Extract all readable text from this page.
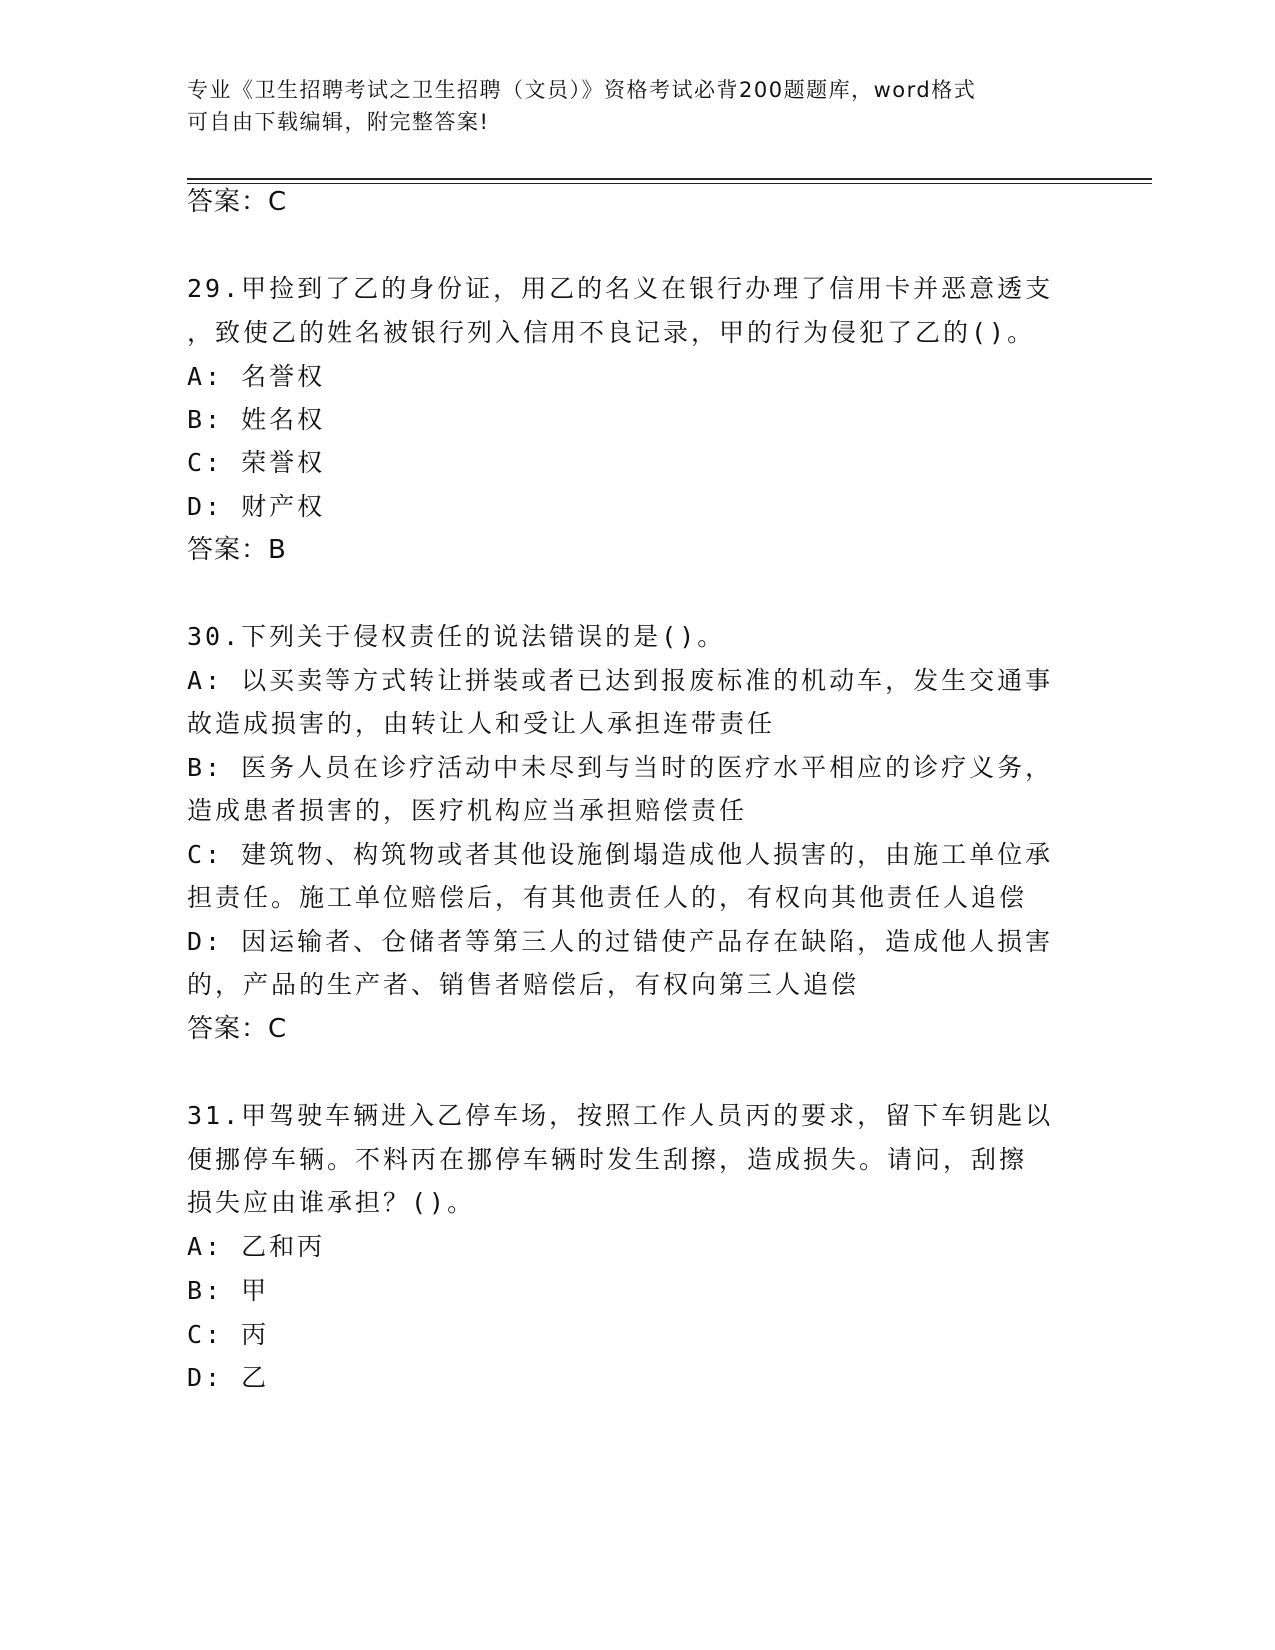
专业《卫生招聘考试之卫生招聘（文员）》资格考试必背200题题库，word格式
可自由下载编辑，附完整答案!
答案：C
29.甲捡到了乙的身份证，用乙的名义在银行办理了信用卡并恶意透支
，致使乙的姓名被银行列入信用不良记录，甲的行为侵犯了乙的()。
A: 名誉权
B: 姓名权
C: 荣誉权
D: 财产权
答案：B
30.下列关于侵权责任的说法错误的是()。
A: 以买卖等方式转让拼装或者已达到报废标准的机动车，发生交通事
故造成损害的，由转让人和受让人承担连带责任
B: 医务人员在诊疗活动中未尽到与当时的医疗水平相应的诊疗义务，
造成患者损害的，医疗机构应当承担赔偿责任
C: 建筑物、构筑物或者其他设施倒塌造成他人损害的，由施工单位承
担责任。施工单位赔偿后，有其他责任人的，有权向其他责任人追偿
D: 因运输者、仓储者等第三人的过错使产品存在缺陷，造成他人损害
的，产品的生产者、销售者赔偿后，有权向第三人追偿
答案：C
31.甲驾驶车辆进入乙停车场，按照工作人员丙的要求，留下车钥匙以
便挪停车辆。不料丙在挪停车辆时发生刮擦，造成损失。请问，刮擦
损失应由谁承担？()。
A: 乙和丙
B: 甲
C: 丙
D: 乙
